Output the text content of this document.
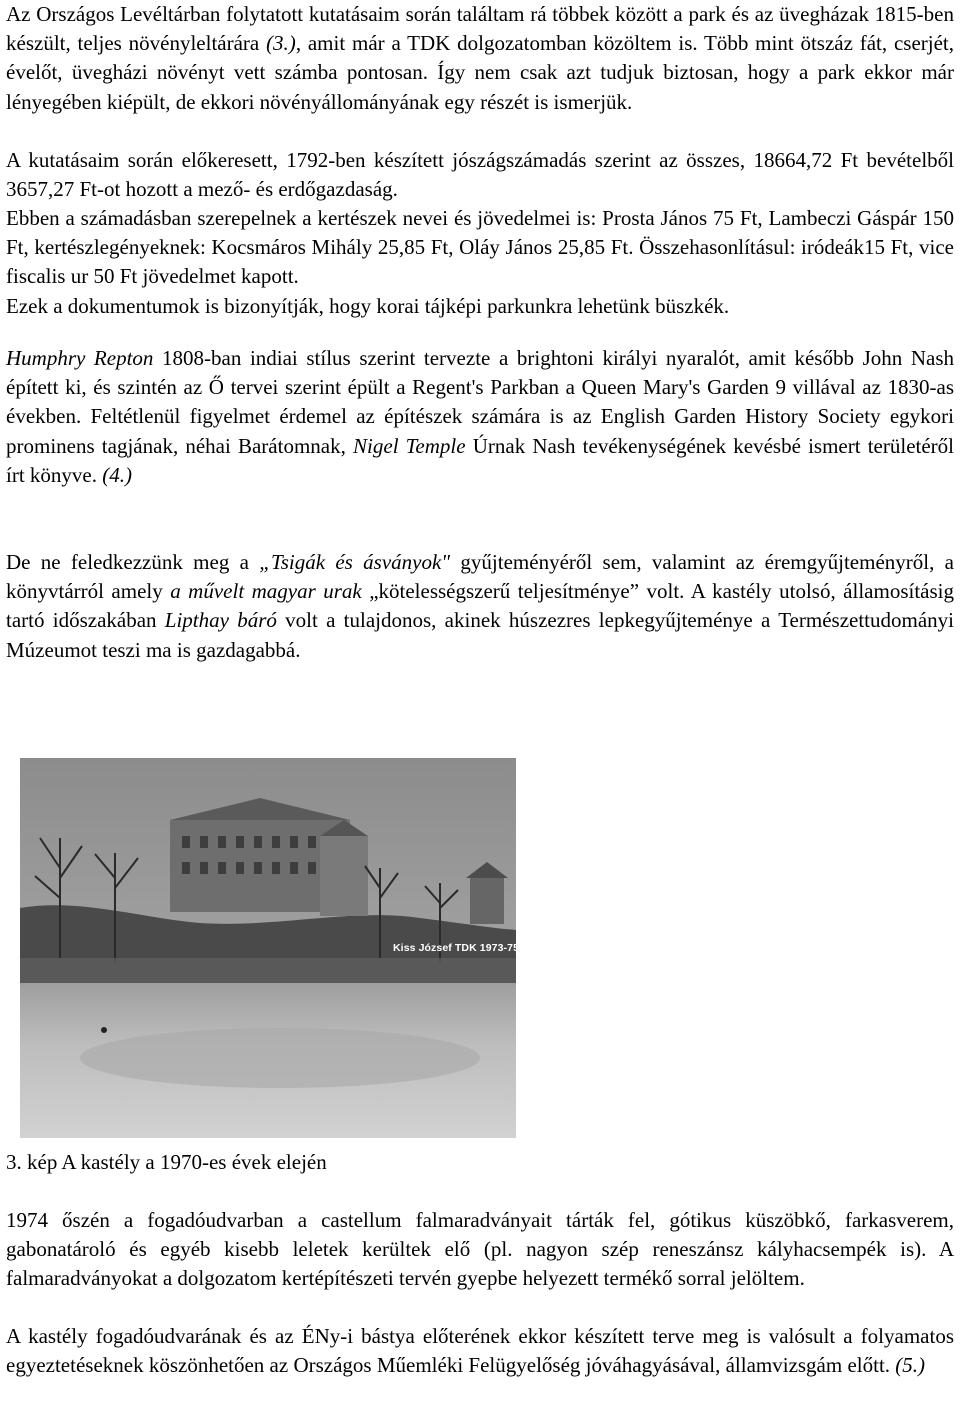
Az Országos Levéltárban folytatott kutatásaim során találtam rá többek között a park és az üvegházak 1815-ben készült, teljes növényleltárára (3.), amit már a TDK dolgozatomban közöltem is. Több mint ötszáz fát, cserjét, évelőt, üvegházi növényt vett számba pontosan. Így nem csak azt tudjuk biztosan, hogy a park ekkor már lényegében kiépült, de ekkori növényállományának egy részét is ismerjük.

A kutatásaim során előkeresett, 1792-ben készített jószágszámadás szerint az összes, 18664,72 Ft bevételből 3657,27 Ft-ot hozott a mező- és erdőgazdaság.

Ebben a számadásban szerepelnek a kertészek nevei és jövedelmei is: Prosta János 75 Ft, Lambeczi Gáspár 150 Ft, kertészlegényeknek: Kocsmáros Mihály 25,85 Ft, Oláy János 25,85 Ft. Összehasonlításul: iródeák15 Ft, vice fiscalis ur 50 Ft jövedelmet kapott.

Ezek a dokumentumok is bizonyítják, hogy korai tájképi parkunkra lehetünk büszkék.

Humphry Repton 1808-ban indiai stílus szerint tervezte a brightoni királyi nyaralót, amit később John Nash épített ki, és szintén az Ő tervei szerint épült a Regent's Parkban a Queen Mary's Garden 9 villával az 1830-as években. Feltétlenül figyelmet érdemel az építészek számára is az English Garden History Society egykori prominens tagjának, néhai Barátomnak, Nigel Temple Úrnak Nash tevékenységének kevésbé ismert területéről írt könyve. (4.)

De ne feledkezzünk meg a „Tsigák és ásványok" gyűjteményéről sem, valamint az éremgyűjteményről, a könyvtárról amely a művelt magyar urak „kötelességszerű teljesítménye” volt. A kastély utolsó, államosításig tartó időszakában Lipthay báró volt a tulajdonos, akinek húszezres lepkegyűjteménye a Természettudományi Múzeumot teszi ma is gazdagabbá.

Kiss József TDK 1973-75
3. kép A kastély a 1970-es évek elején

1974 őszén a fogadóudvarban a castellum falmaradványait tárták fel, gótikus küszöbkő, farkasverem, gabonatároló és egyéb kisebb leletek kerültek elő (pl. nagyon szép reneszánsz kályhacsempék is). A falmaradványokat a dolgozatom kertépítészeti tervén gyepbe helyezett termékő sorral jelöltem.

A kastély fogadóudvarának és az ÉNy-i bástya előterének ekkor készített terve meg is valósult a folyamatos egyeztetéseknek köszönhetően az Országos Műemléki Felügyelőség jóváhagyásával, államvizsgám előtt. (5.)
